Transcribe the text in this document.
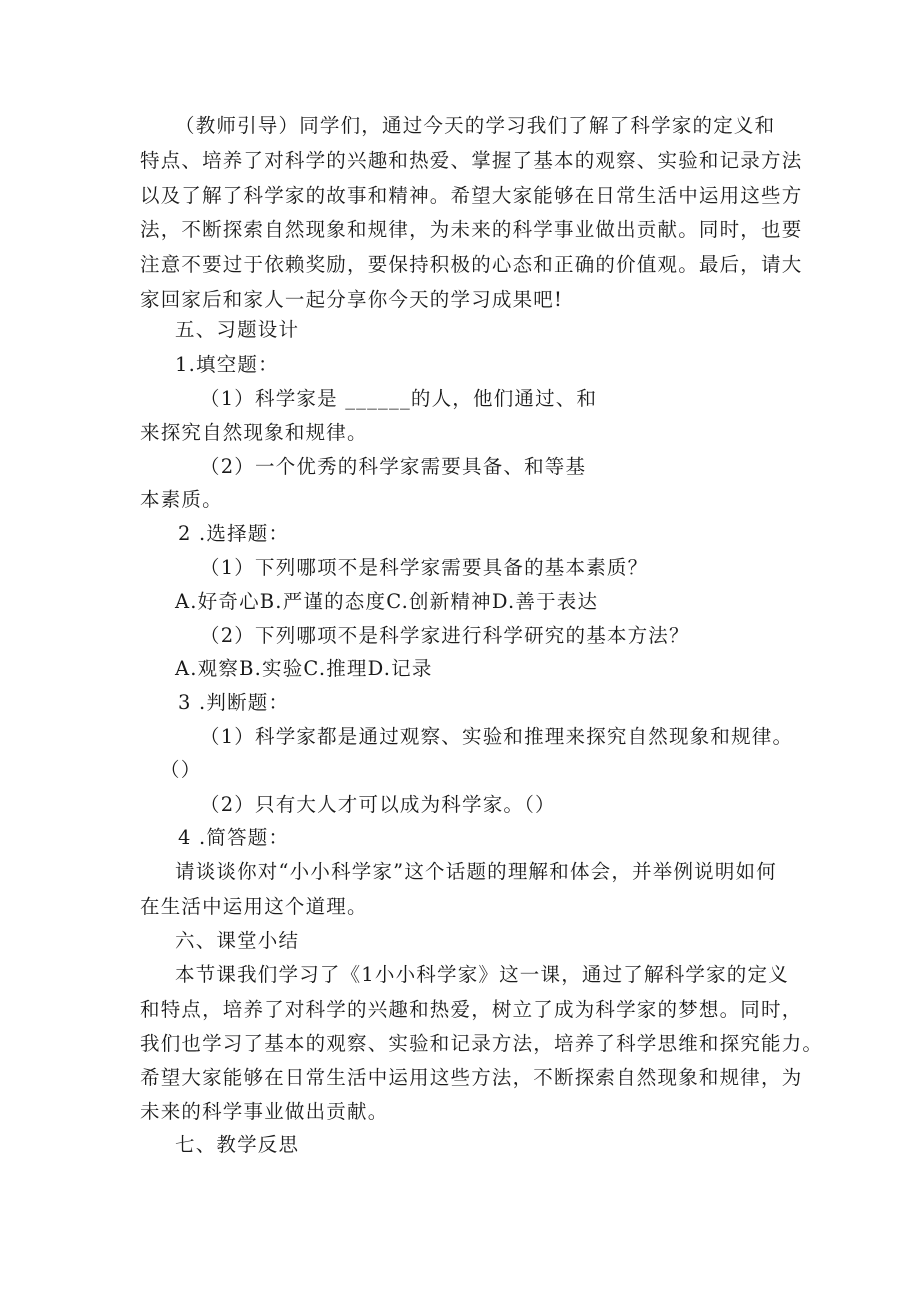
（教师引导）同学们，通过今天的学习我们了解了科学家的定义和
特点、培养了对科学的兴趣和热爱、掌握了基本的观察、实验和记录方法
以及了解了科学家的故事和精神。希望大家能够在日常生活中运用这些方
法，不断探索自然现象和规律，为未来的科学事业做出贡献。同时，也要
注意不要过于依赖奖励，要保持积极的心态和正确的价值观。最后，请大
家回家后和家人一起分享你今天的学习成果吧!
五、习题设计
1.填空题：
（1）科学家是 ______的人，他们通过、和
来探究自然现象和规律。
（2）一个优秀的科学家需要具备、和等基
本素质。
2 .选择题：
（1）下列哪项不是科学家需要具备的基本素质？
A.好奇心B.严谨的态度C.创新精神D.善于表达
（2）下列哪项不是科学家进行科学研究的基本方法？
A.观察B.实验C.推理D.记录
3 .判断题：
（1）科学家都是通过观察、实验和推理来探究自然现象和规律。
（）
（2）只有大人才可以成为科学家。（）
4 .简答题：
请谈谈你对“小小科学家”这个话题的理解和体会，并举例说明如何
在生活中运用这个道理。
六、课堂小结
本节课我们学习了《1小小科学家》这一课，通过了解科学家的定义
和特点，培养了对科学的兴趣和热爱，树立了成为科学家的梦想。同时，
我们也学习了基本的观察、实验和记录方法，培养了科学思维和探究能力。
希望大家能够在日常生活中运用这些方法，不断探索自然现象和规律，为
未来的科学事业做出贡献。
七、教学反思
